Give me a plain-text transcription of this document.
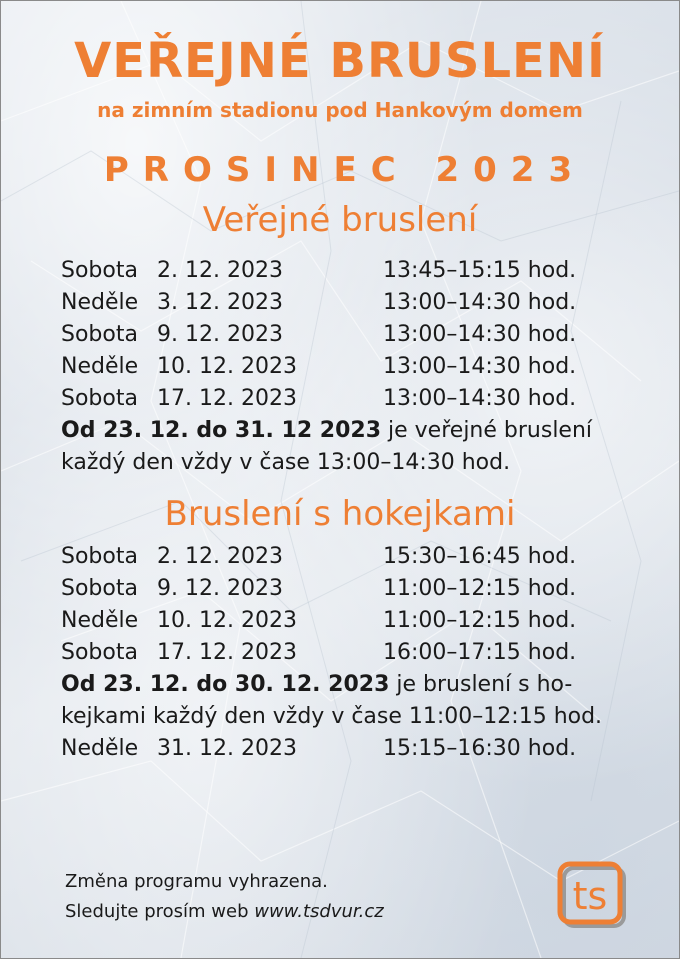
VEŘEJNÉ BRUSLENÍ
na zimním stadionu pod Hankovým domem
PROSINEC 2023
Veřejné bruslení
Sobota 2. 12. 2023	13:45–15:15 hod.
Neděle 3. 12. 2023	13:00–14:30 hod.
Sobota 9. 12. 2023	13:00–14:30 hod.
Neděle 10. 12. 2023	13:00–14:30 hod.
Sobota 17. 12. 2023	13:00–14:30 hod.
Od 23. 12. do 31. 12 2023 je veřejné bruslení
každý den vždy v čase 13:00–14:30 hod.
Bruslení s hokejkami
Sobota 2. 12. 2023	15:30–16:45 hod.
Sobota 9. 12. 2023	11:00–12:15 hod.
Neděle 10. 12. 2023	11:00–12:15 hod.
Sobota 17. 12. 2023	16:00–17:15 hod.
Od 23. 12. do 30. 12. 2023 je bruslení s ho-
kejkami každý den vždy v čase 11:00–12:15 hod.
Neděle 31. 12. 2023	15:15–16:30 hod.
Změna programu vyhrazena.
Sledujte prosím web www.tsdvur.cz	ts
